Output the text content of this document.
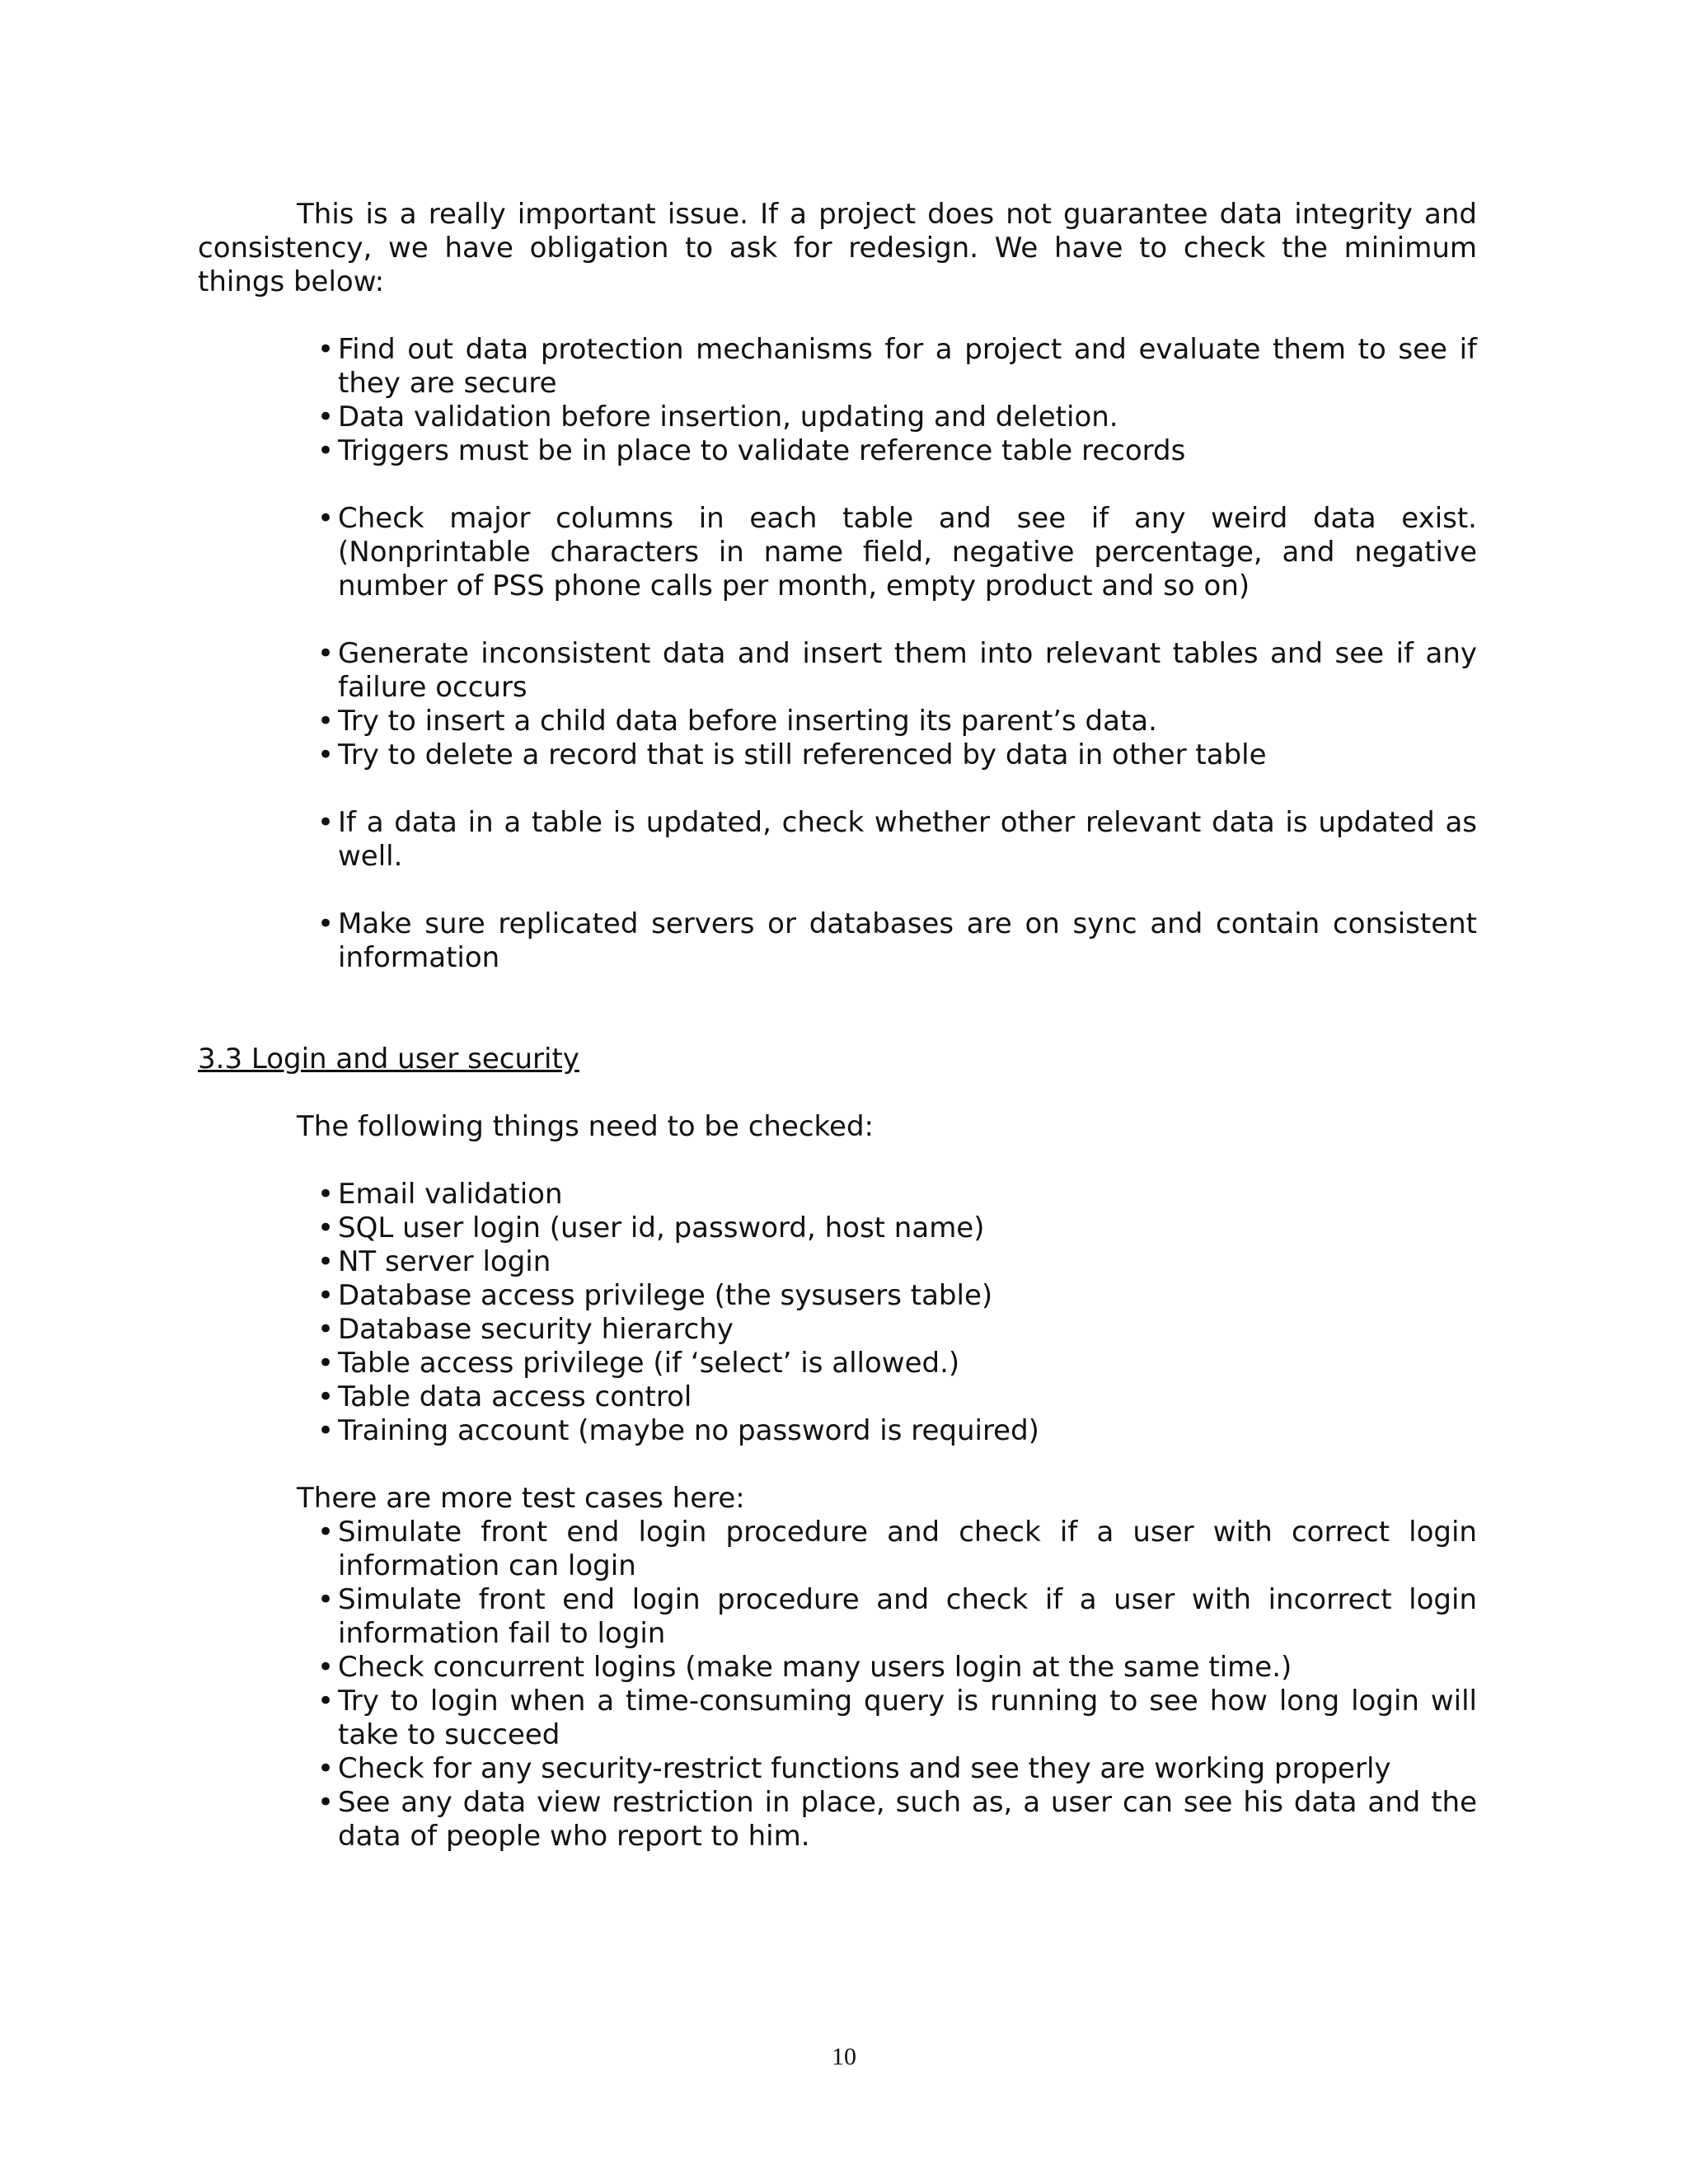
This is a really important issue. If a project does not guarantee data integrity and consistency, we have obligation to ask for redesign. We have to check the minimum things below:

• Find out data protection mechanisms for a project and evaluate them to see if they are secure
• Data validation before insertion, updating and deletion.
• Triggers must be in place to validate reference table records
• Check major columns in each table and see if any weird data exist. (Nonprintable characters in name field, negative percentage, and negative number of PSS phone calls per month, empty product and so on)
• Generate inconsistent data and insert them into relevant tables and see if any failure occurs
• Try to insert a child data before inserting its parent’s data.
• Try to delete a record that is still referenced by data in other table
• If a data in a table is updated, check whether other relevant data is updated as well.
• Make sure replicated servers or databases are on sync and contain consistent information

3.3 Login and user security

The following things need to be checked:

• Email validation
• SQL user login (user id, password, host name)
• NT server login
• Database access privilege (the sysusers table)
• Database security hierarchy
• Table access privilege (if ‘select’ is allowed.)
• Table data access control
• Training account (maybe no password is required)

There are more test cases here:

• Simulate front end login procedure and check if a user with correct login information can login
• Simulate front end login procedure and check if a user with incorrect login information fail to login
• Check concurrent logins (make many users login at the same time.)
• Try to login when a time-consuming query is running to see how long login will take to succeed
• Check for any security-restrict functions and see they are working properly
• See any data view restriction in place, such as, a user can see his data and the data of people who report to him.
10
